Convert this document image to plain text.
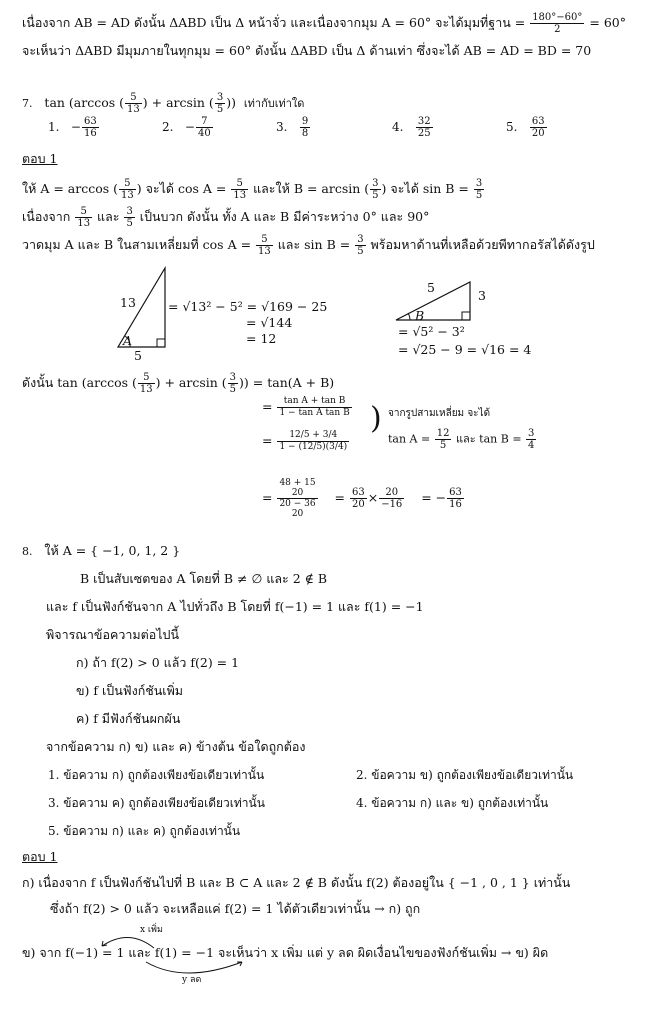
เนื่องจาก AB = AD ดังนั้น ΔABD เป็น Δ หน้าจั่ว และเนื่องจากมุม A = 60° จะได้มุมที่ฐาน = $\frac{180^\circ-60^\circ}{2} = 60^\circ$
จะเห็นว่า ΔABD มีมุมภายในทุกมุม = 60° ดังนั้น ΔABD เป็น Δ ด้านเท่า ซึ่งจะได้ AB = AD = BD = 70
7. tan (arccos ( $\frac{5}{13}$ ) + arcsin ( $\frac{3}{5}$ )) เท่ากับเท่าใด
1. − $\frac{63}{16}$	2. − $\frac{7}{40}$	3. $\frac{9}{8}$	4. $\frac{32}{25}$	5. $\frac{63}{20}$
ตอบ 1
ให้ A = arccos ( $\frac{5}{13}$ ) จะได้ $\cos A = \frac{5}{13}$ และให้ B = arcsin ( $\frac{3}{5}$ ) จะได้ $\sin B = \frac{3}{5}$
เนื่องจาก $\frac{5}{13}$ และ $\frac{3}{5}$ เป็นบวก ดังนั้น ทั้ง A และ B มีค่าระหว่าง 0° และ 90°
วาดมุม A และ B ในสามเหลี่ยมที่ $\cos A = \frac{5}{13}$ และ $\sin B = \frac{3}{5}$ พร้อมหาด้านที่เหลือด้วยพีทากอรัสได้ดังรูป
13
A
5
= √13² − 5² = √169 − 25
= √144
= 12
5
3
B
= √5² − 3²
= √25 − 9 = √16 = 4
ดังนั้น tan (arccos ( $\frac{5}{13}$ ) + arcsin ( $\frac{3}{5}$ )) = tan(A + B)
= $\frac{\text{tan A + tan B}}{\text{1 − tan A tan B}}$ ) จากรูปสามเหลี่ยม จะได้
$\tan A = \frac{12}{5}$ และ $\tan B = \frac{3}{4}$
= $\frac{12/5 + 3/4}{1 - (12/5)(3/4)}$
=
48 + 15
20
20 − 36
20
= $\frac{63}{20} \times \frac{20}{-16}$ = − $\frac{63}{16}$
8. ให้ A = { −1, 0, 1, 2 }
B เป็นสับเซตของ A โดยที่ B ≠ ∅ และ 2 ∉ B
และ f เป็นฟังก์ชันจาก A ไปทั่วถึง B โดยที่ f(−1) = 1 และ f(1) = −1
พิจารณาข้อความต่อไปนี้
ก) ถ้า f(2) > 0 แล้ว f(2) = 1
ข) f เป็นฟังก์ชันเพิ่ม
ค) f มีฟังก์ชันผกผัน
จากข้อความ ก) ข) และ ค) ข้างต้น ข้อใดถูกต้อง
1. ข้อความ ก) ถูกต้องเพียงข้อเดียวเท่านั้น	2. ข้อความ ข) ถูกต้องเพียงข้อเดียวเท่านั้น
3. ข้อความ ค) ถูกต้องเพียงข้อเดียวเท่านั้น	4. ข้อความ ก) และ ข) ถูกต้องเท่านั้น
5. ข้อความ ก) และ ค) ถูกต้องเท่านั้น
ตอบ 1
ก) เนื่องจาก f เป็นฟังก์ชันไปที่ B และ B ⊂ A และ 2 ∉ B ดังนั้น f(2) ต้องอยู่ใน { −1 , 0 , 1 } เท่านั้น
ซึ่งถ้า f(2) > 0 แล้ว จะเหลือแค่ f(2) = 1 ได้ตัวเดียวเท่านั้น → ก) ถูก
x เพิ่ม
ข) จาก f(−1) = 1 และ f(1) = −1 จะเห็นว่า x เพิ่ม แต่ y ลด ผิดเงื่อนไขของฟังก์ชันเพิ่ม → ข) ผิด
y ลด
